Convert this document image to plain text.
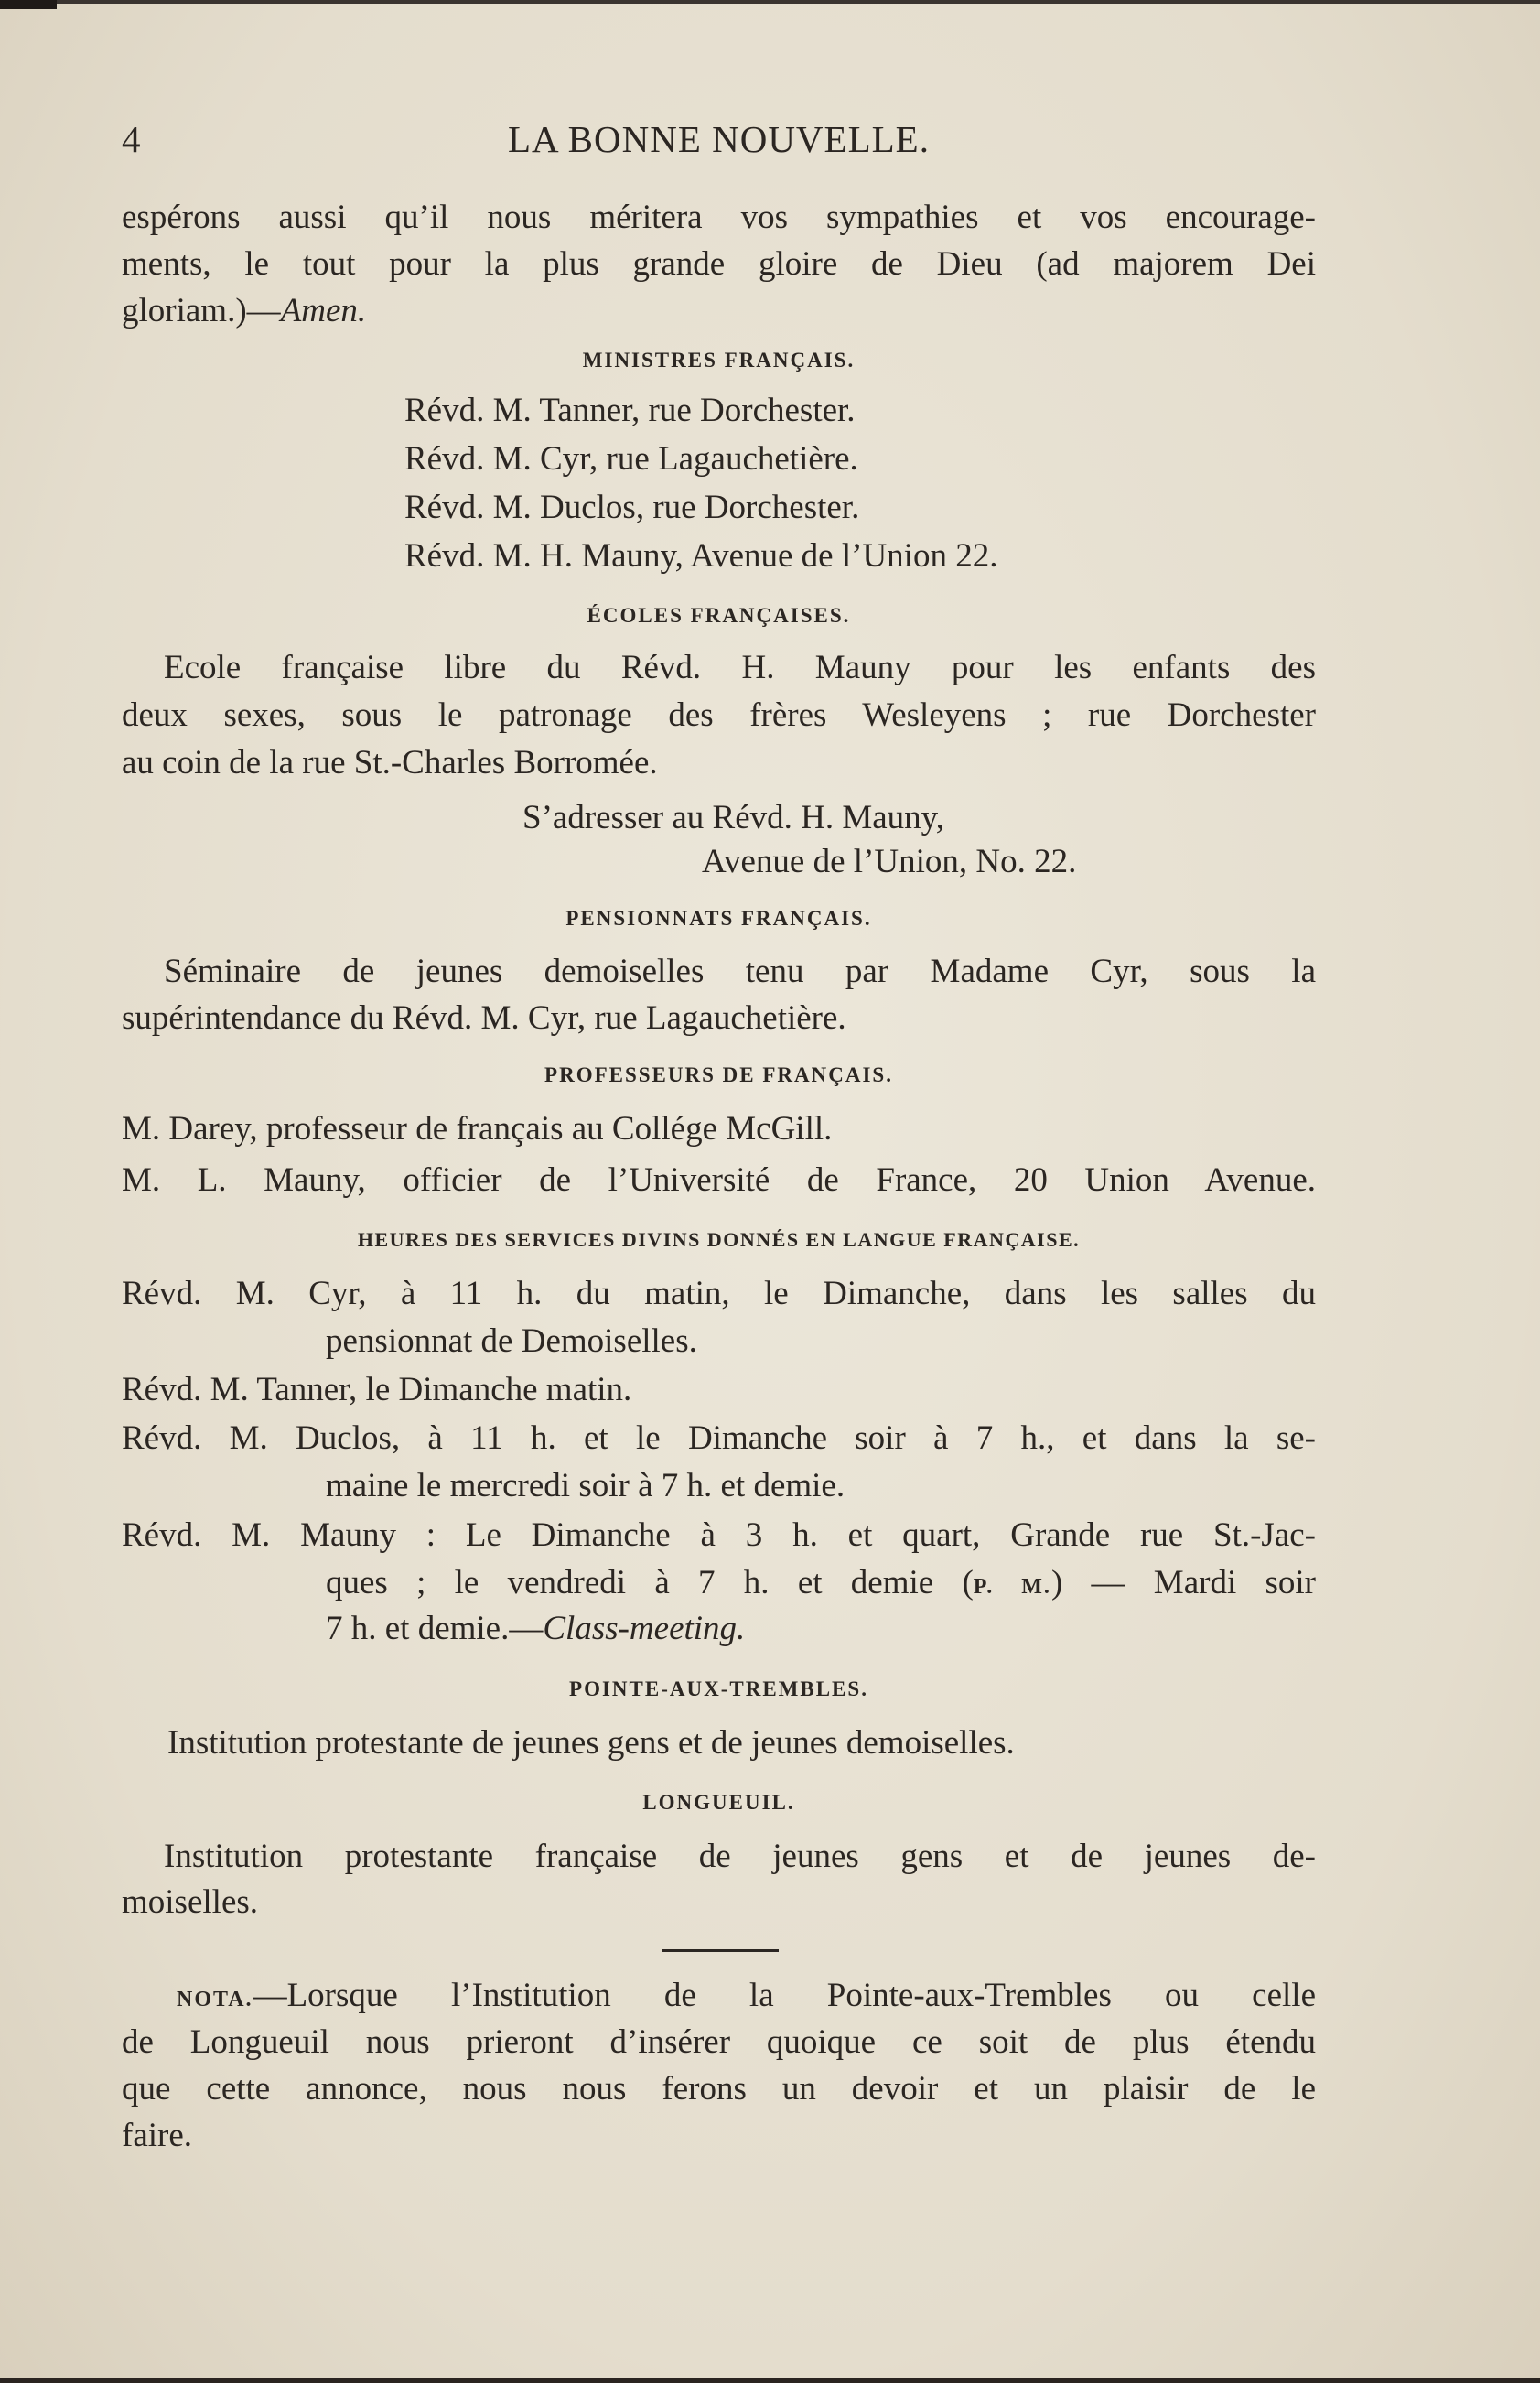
4	LA BONNE NOUVELLE.
espérons aussi qu’il nous méritera vos sympathies et vos encourage-
ments, le tout pour la plus grande gloire de Dieu (ad majorem Dei
gloriam.)—Amen.
MINISTRES FRANÇAIS.
Révd. M. Tanner, rue Dorchester.
Révd. M. Cyr, rue Lagauchetière.
Révd. M. Duclos, rue Dorchester.
Révd. M. H. Mauny, Avenue de l’Union 22.
ÉCOLES FRANÇAISES.
Ecole française libre du Révd. H. Mauny pour les enfants des
deux sexes, sous le patronage des frères Wesleyens ; rue Dorchester
au coin de la rue St.-Charles Borromée.
S’adresser au Révd. H. Mauny,
Avenue de l’Union, No. 22.
PENSIONNATS FRANÇAIS.
Séminaire de jeunes demoiselles tenu par Madame Cyr, sous la
supérintendance du Révd. M. Cyr, rue Lagauchetière.
PROFESSEURS DE FRANÇAIS.
M. Darey, professeur de français au Collége McGill.
M. L. Mauny, officier de l’Université de France, 20 Union Avenue.
HEURES DES SERVICES DIVINS DONNÉS EN LANGUE FRANÇAISE.
Révd. M. Cyr, à 11 h. du matin, le Dimanche, dans les salles du
pensionnat de Demoiselles.
Révd. M. Tanner, le Dimanche matin.
Révd. M. Duclos, à 11 h. et le Dimanche soir à 7 h., et dans la se-
maine le mercredi soir à 7 h. et demie.
Révd. M. Mauny : Le Dimanche à 3 h. et quart, Grande rue St.-Jac-
ques ; le vendredi à 7 h. et demie (P. M.) — Mardi soir
7 h. et demie.—Class-meeting.
POINTE-AUX-TREMBLES.
Institution protestante de jeunes gens et de jeunes demoiselles.
LONGUEUIL.
Institution protestante française de jeunes gens et de jeunes de-
moiselles.
NOTA.—Lorsque l’Institution de la Pointe-aux-Trembles ou celle
de Longueuil nous prieront d’insérer quoique ce soit de plus étendu
que cette annonce, nous nous ferons un devoir et un plaisir de le
faire.
